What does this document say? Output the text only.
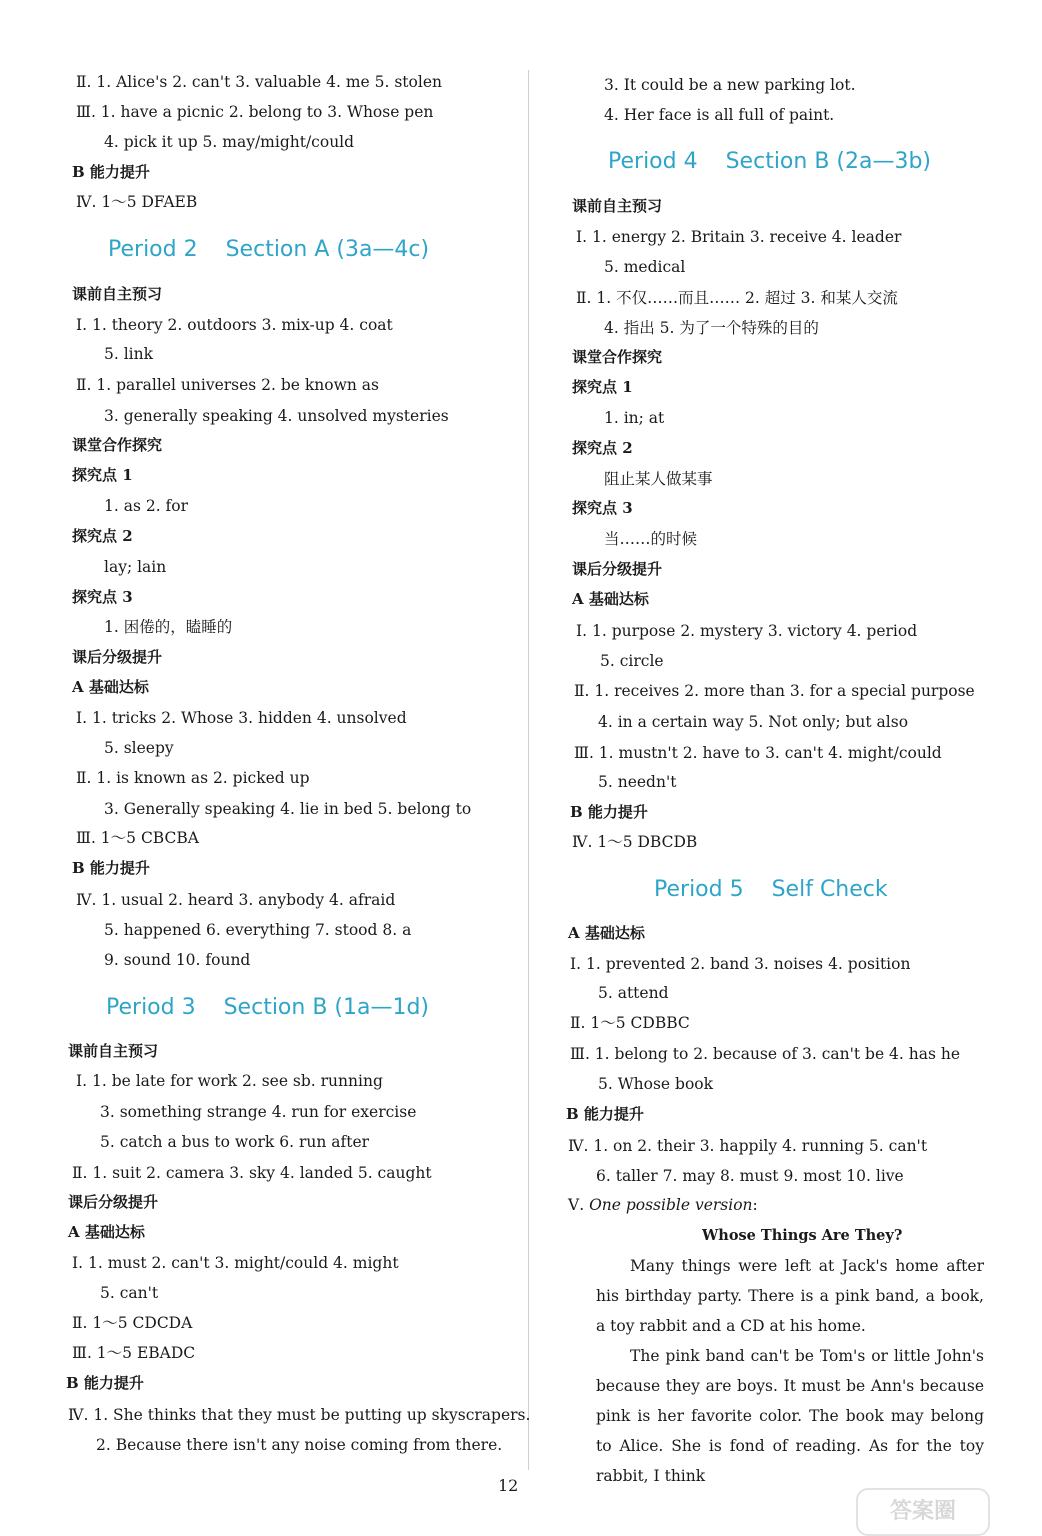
Ⅱ. 1. Alice's 2. can't 3. valuable 4. me 5. stolen
Ⅲ. 1. have a picnic 2. belong to 3. Whose pen
4. pick it up 5. may/might/could
B 能力提升
Ⅳ. 1～5 DFAEB
Period 2 Section A (3a—4c)
课前自主预习
Ⅰ. 1. theory 2. outdoors 3. mix-up 4. coat
5. link
Ⅱ. 1. parallel universes 2. be known as
3. generally speaking 4. unsolved mysteries
课堂合作探究
探究点 1
1. as 2. for
探究点 2
lay; lain
探究点 3
1. 困倦的，瞌睡的
课后分级提升
A 基础达标
Ⅰ. 1. tricks 2. Whose 3. hidden 4. unsolved
5. sleepy
Ⅱ. 1. is known as 2. picked up
3. Generally speaking 4. lie in bed 5. belong to
Ⅲ. 1～5 CBCBA
B 能力提升
Ⅳ. 1. usual 2. heard 3. anybody 4. afraid
5. happened 6. everything 7. stood 8. a
9. sound 10. found
Period 3 Section B (1a—1d)
课前自主预习
Ⅰ. 1. be late for work 2. see sb. running
3. something strange 4. run for exercise
5. catch a bus to work 6. run after
Ⅱ. 1. suit 2. camera 3. sky 4. landed 5. caught
课后分级提升
A 基础达标
Ⅰ. 1. must 2. can't 3. might/could 4. might
5. can't
Ⅱ. 1～5 CDCDA
Ⅲ. 1～5 EBADC
B 能力提升
Ⅳ. 1. She thinks that they must be putting up skyscrapers.
2. Because there isn't any noise coming from there.
3. It could be a new parking lot.
4. Her face is all full of paint.
Period 4 Section B (2a—3b)
课前自主预习
Ⅰ. 1. energy 2. Britain 3. receive 4. leader
5. medical
Ⅱ. 1. 不仅……而且…… 2. 超过 3. 和某人交流
4. 指出 5. 为了一个特殊的目的
课堂合作探究
探究点 1
1. in; at
探究点 2
阻止某人做某事
探究点 3
当……的时候
课后分级提升
A 基础达标
Ⅰ. 1. purpose 2. mystery 3. victory 4. period
5. circle
Ⅱ. 1. receives 2. more than 3. for a special purpose
4. in a certain way 5. Not only; but also
Ⅲ. 1. mustn't 2. have to 3. can't 4. might/could
5. needn't
B 能力提升
Ⅳ. 1～5 DBCDB
Period 5 Self Check
A 基础达标
Ⅰ. 1. prevented 2. band 3. noises 4. position
5. attend
Ⅱ. 1～5 CDBBC
Ⅲ. 1. belong to 2. because of 3. can't be 4. has he
5. Whose book
B 能力提升
Ⅳ. 1. on 2. their 3. happily 4. running 5. can't
6. taller 7. may 8. must 9. most 10. live
Ⅴ. One possible version:
Whose Things Are They?
Many things were left at Jack's home after his birthday party. There is a pink band, a book, a toy rabbit and a CD at his home.
The pink band can't be Tom's or little John's because they are boys. It must be Ann's because pink is her favorite color. The book may belong to Alice. She is fond of reading. As for the toy rabbit, I think
12
答案圈
